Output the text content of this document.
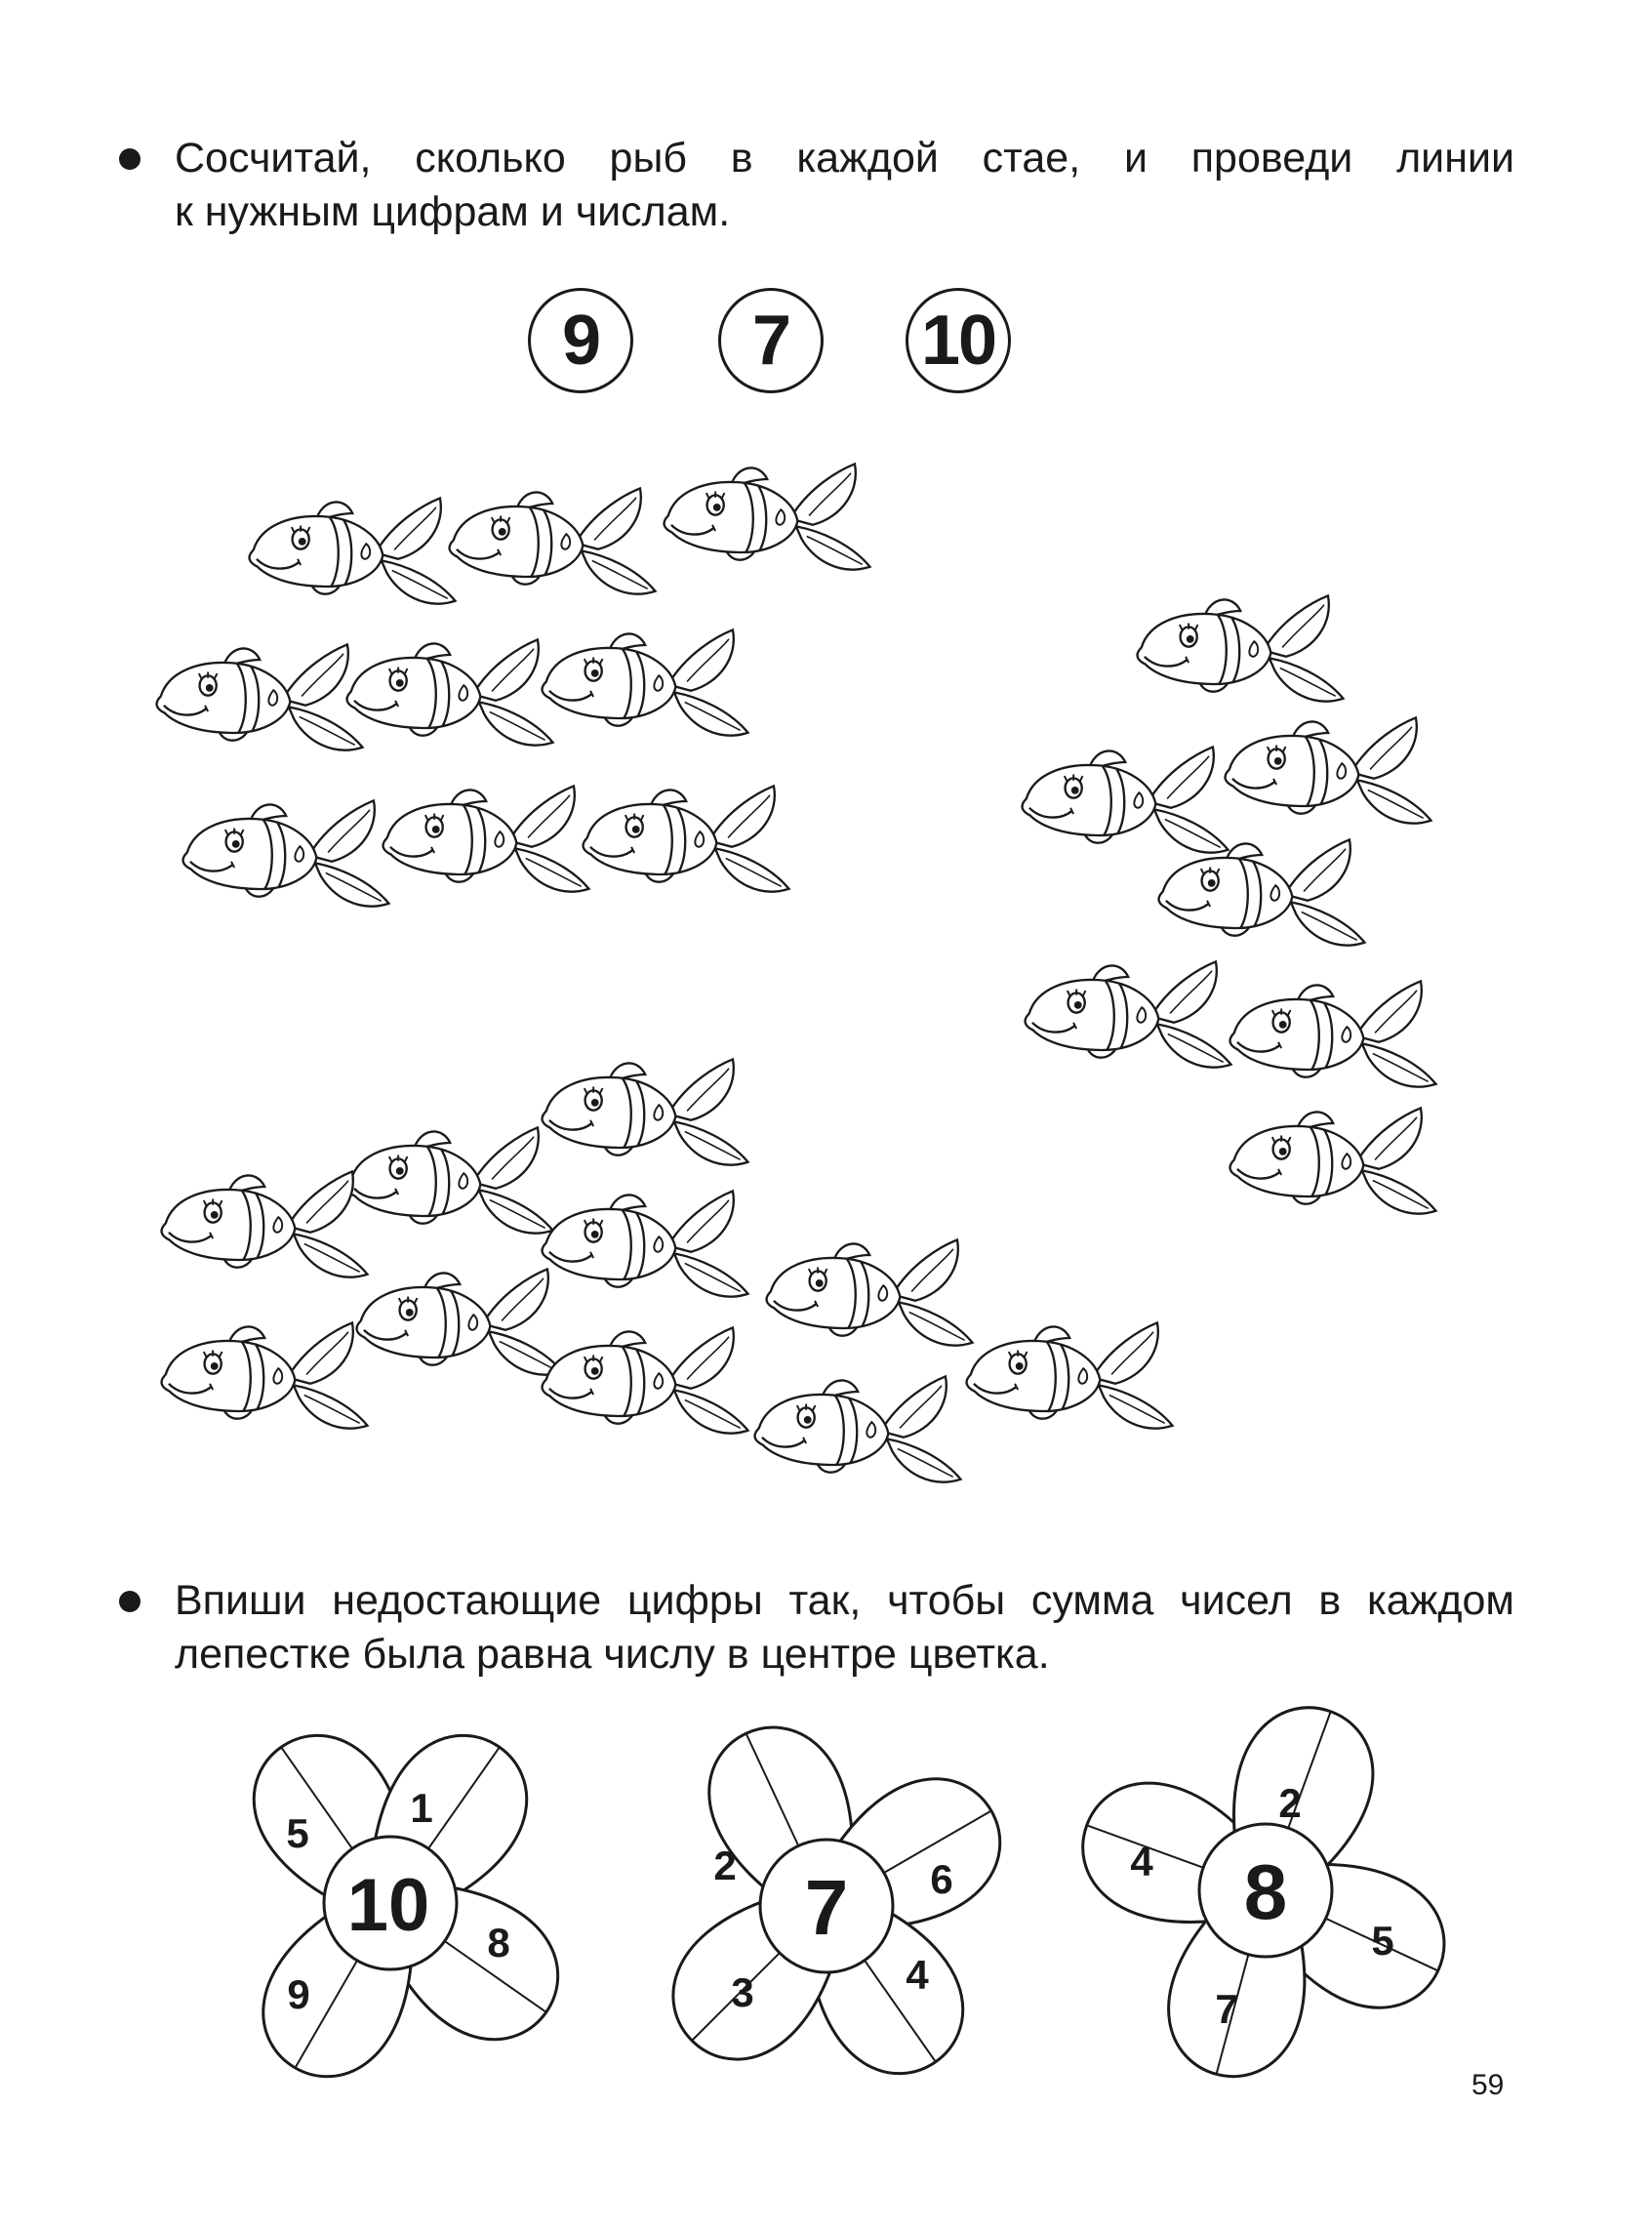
Сосчитай, сколько рыб в каждой стае, и проведи линии
к нужным цифрам и числам.
9	7	10
Впиши недостающие цифры так, чтобы сумма чисел в каждом
лепестке была равна числу в центре цветка.
10
5
1
8
9
7
2	6
3	4
8
2
4
5
7
59
